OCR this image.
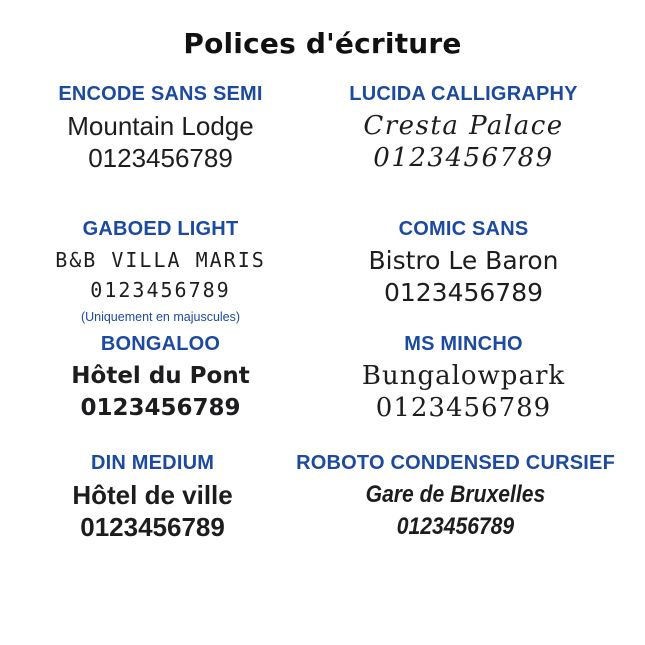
Polices d'écriture
ENCODE SANS SEMI
Mountain Lodge
0123456789
LUCIDA CALLIGRAPHY
Cresta Palace
0123456789
GABOED LIGHT
B&B VILLA MARIS
0123456789
(Uniquement en majuscules)
COMIC SANS
Bistro Le Baron
0123456789
BONGALOO
Hôtel du Pont
0123456789
MS MINCHO
Bungalowpark
0123456789
DIN MEDIUM
Hôtel de ville
0123456789
ROBOTO CONDENSED CURSIEF
Gare de Bruxelles
0123456789
